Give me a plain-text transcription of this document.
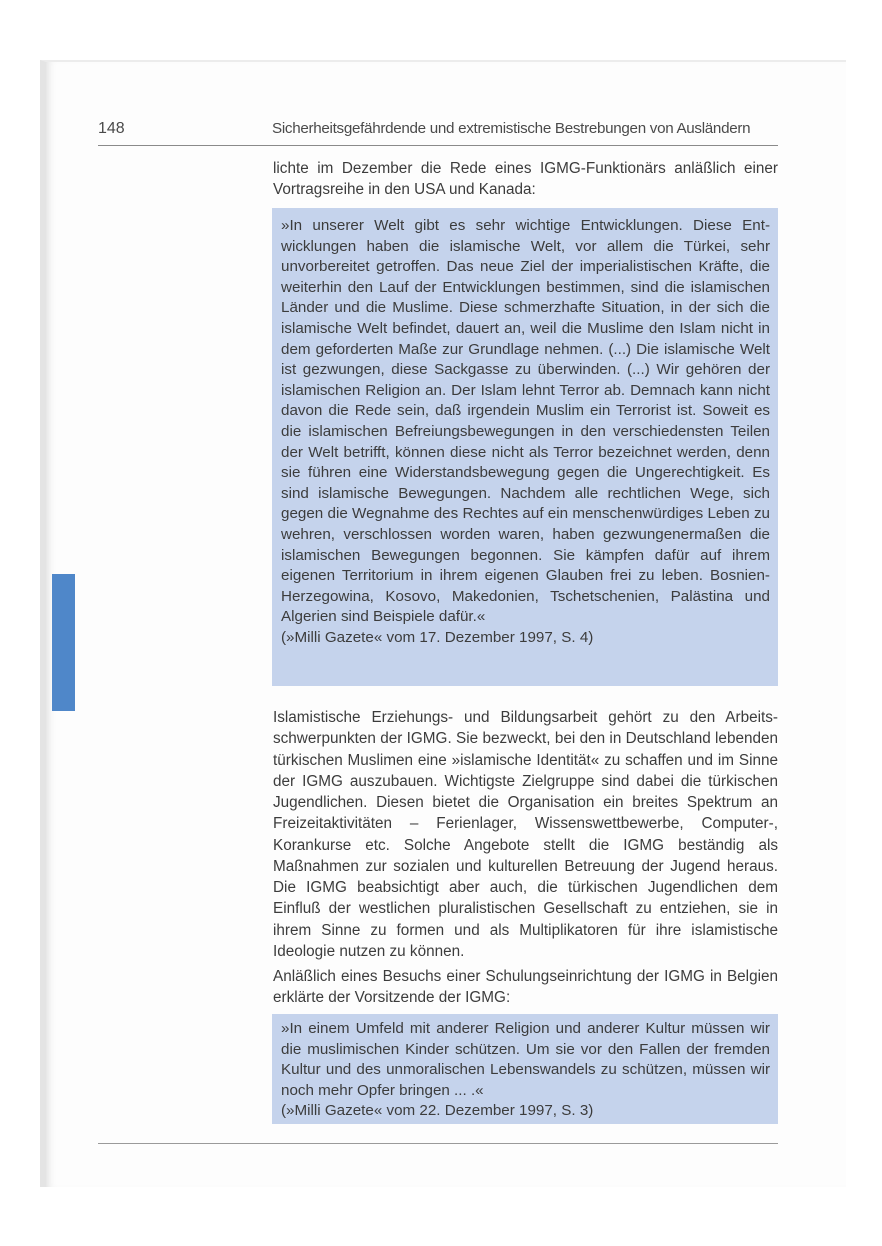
148	Sicherheitsgefährdende und extremistische Bestrebungen von Ausländern
lichte im Dezember die Rede eines IGMG-Funktionärs anläßlich einer Vortragsreihe in den USA und Kanada:
»In unserer Welt gibt es sehr wichtige Entwicklungen. Diese Entwicklungen haben die islamische Welt, vor allem die Türkei, sehr unvorbereitet getroffen. Das neue Ziel der imperialistischen Kräfte, die weiterhin den Lauf der Entwicklungen bestimmen, sind die islamischen Länder und die Muslime. Diese schmerzhafte Situation, in der sich die islamische Welt befindet, dauert an, weil die Muslime den Islam nicht in dem geforderten Maße zur Grundlage nehmen. (...) Die islamische Welt ist gezwungen, diese Sackgasse zu überwinden. (...) Wir gehören der islamischen Religion an. Der Islam lehnt Terror ab. Demnach kann nicht davon die Rede sein, daß irgendein Muslim ein Terrorist ist. Soweit es die islamischen Befreiungsbewegungen in den verschiedensten Teilen der Welt betrifft, können diese nicht als Terror bezeichnet werden, denn sie führen eine Widerstandsbewegung gegen die Ungerechtigkeit. Es sind islamische Bewegungen. Nachdem alle rechtlichen Wege, sich gegen die Wegnahme des Rechtes auf ein menschenwürdiges Leben zu wehren, verschlossen worden waren, haben gezwungenermaßen die islamischen Bewegungen begonnen. Sie kämpfen dafür auf ihrem eigenen Territorium in ihrem eigenen Glauben frei zu leben. Bosnien-Herzegowina, Kosovo, Makedonien, Tschetschenien, Palästina und Algerien sind Beispiele dafür.«
(»Milli Gazete« vom 17. Dezember 1997, S. 4)
Islamistische Erziehungs- und Bildungsarbeit gehört zu den Arbeitsschwerpunkten der IGMG. Sie bezweckt, bei den in Deutschland lebenden türkischen Muslimen eine »islamische Identität« zu schaffen und im Sinne der IGMG auszubauen. Wichtigste Zielgruppe sind dabei die türkischen Jugendlichen. Diesen bietet die Organisation ein breites Spektrum an Freizeitaktivitäten – Ferienlager, Wissenswettbewerbe, Computer-, Korankurse etc. Solche Angebote stellt die IGMG beständig als Maßnahmen zur sozialen und kulturellen Betreuung der Jugend heraus. Die IGMG beabsichtigt aber auch, die türkischen Jugendlichen dem Einfluß der westlichen pluralistischen Gesellschaft zu entziehen, sie in ihrem Sinne zu formen und als Multiplikatoren für ihre islamistische Ideologie nutzen zu können.
Anläßlich eines Besuchs einer Schulungseinrichtung der IGMG in Belgien erklärte der Vorsitzende der IGMG:
»In einem Umfeld mit anderer Religion und anderer Kultur müssen wir die muslimischen Kinder schützen. Um sie vor den Fallen der fremden Kultur und des unmoralischen Lebenswandels zu schützen, müssen wir noch mehr Opfer bringen ... .«
(»Milli Gazete« vom 22. Dezember 1997, S. 3)
